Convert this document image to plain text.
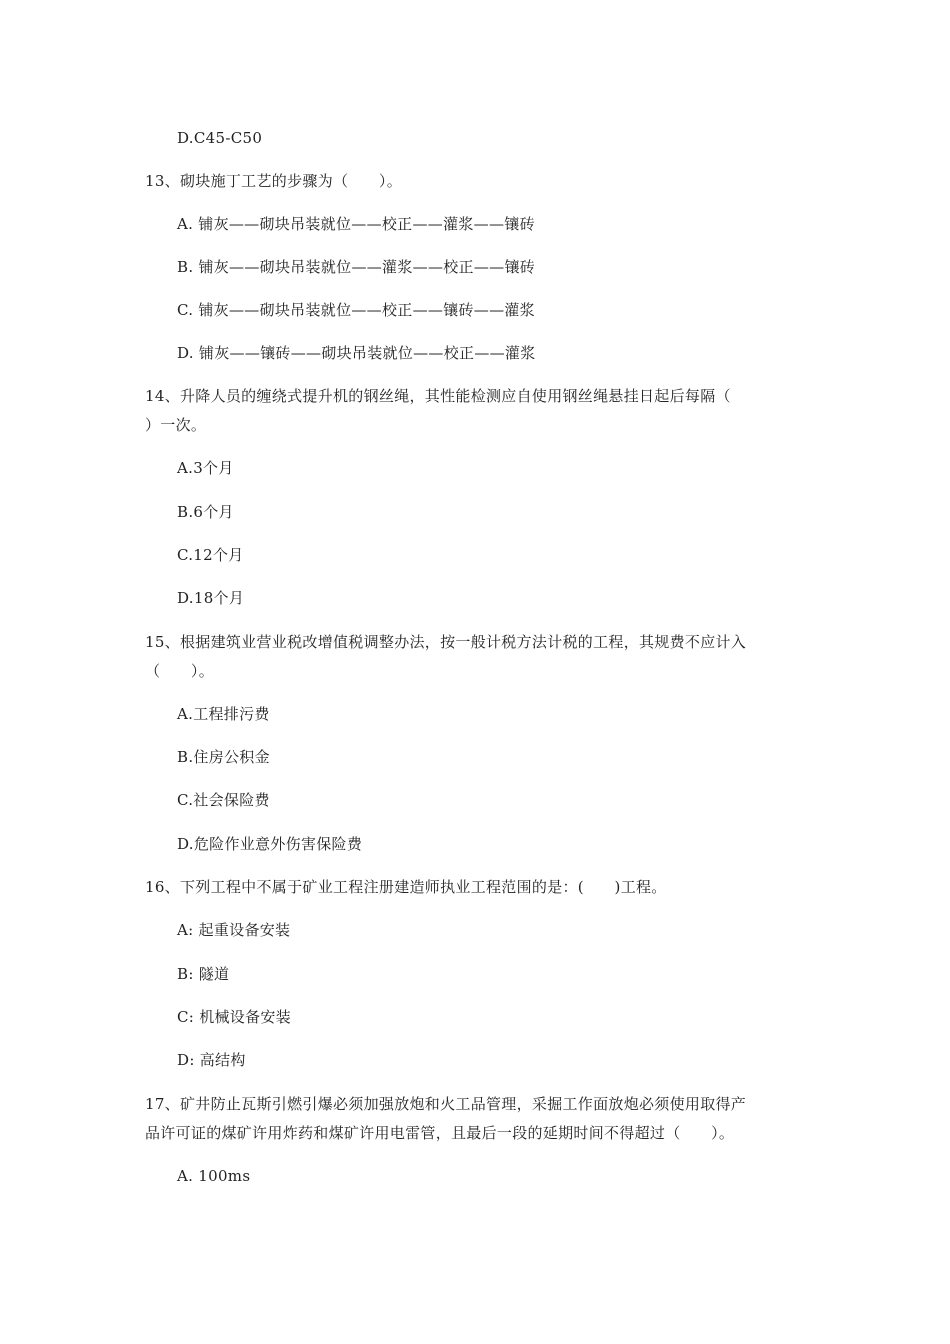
D.C45-C50
13、砌块施丁工艺的步骤为（　　）。
A. 铺灰——砌块吊装就位——校正——灌浆——镶砖
B. 铺灰——砌块吊装就位——灌浆——校正——镶砖
C. 铺灰——砌块吊装就位——校正——镶砖——灌浆
D. 铺灰——镶砖——砌块吊装就位——校正——灌浆
14、升降人员的缠绕式提升机的钢丝绳，其性能检测应自使用钢丝绳悬挂日起后每隔（
）一次。
A.3个月
B.6个月
C.12个月
D.18个月
15、根据建筑业营业税改增值税调整办法，按一般计税方法计税的工程，其规费不应计入
（　　）。
A.工程排污费
B.住房公积金
C.社会保险费
D.危险作业意外伤害保险费
16、下列工程中不属于矿业工程注册建造师执业工程范围的是：(　　)工程。
A: 起重设备安装
B: 隧道
C: 机械设备安装
D: 高结构
17、矿井防止瓦斯引燃引爆必须加强放炮和火工品管理，采掘工作面放炮必须使用取得产
品许可证的煤矿许用炸药和煤矿许用电雷管，且最后一段的延期时间不得超过（　　）。
A. 100ms
